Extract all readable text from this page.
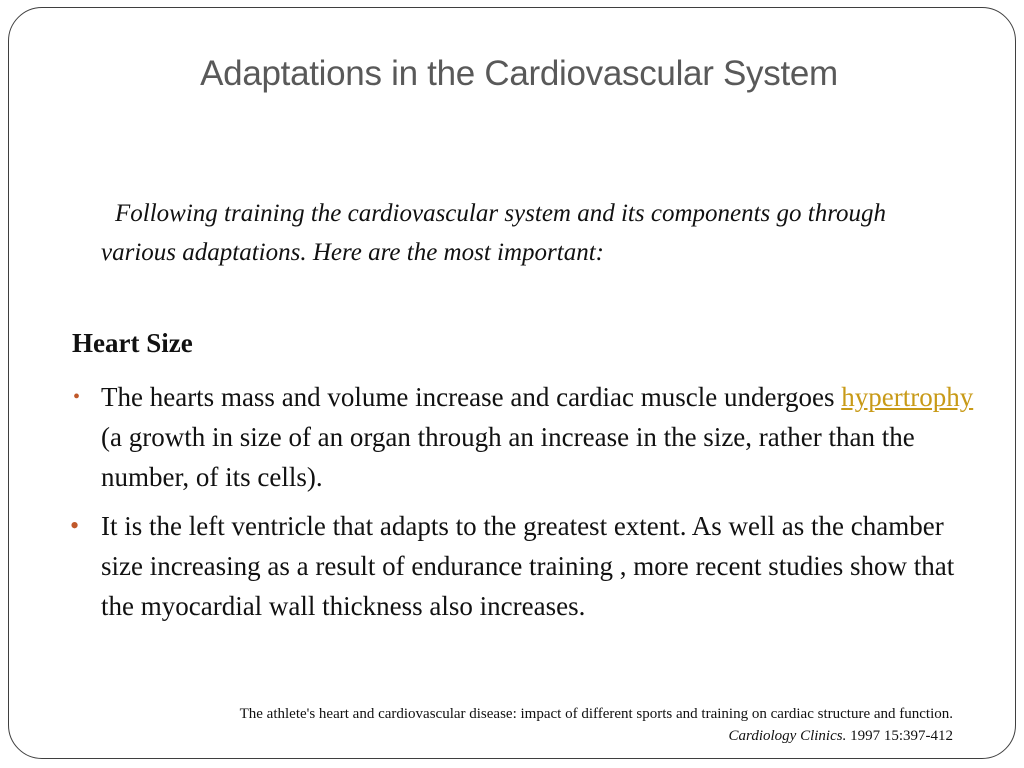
Adaptations in the Cardiovascular System
Following training the cardiovascular system and its components go through various adaptations. Here are the most important:
Heart Size
• The hearts mass and volume increase and cardiac muscle undergoes hypertrophy (a growth in size of an organ through an increase in the size, rather than the number, of its cells).
• It is the left ventricle that adapts to the greatest extent. As well as the chamber size increasing as a result of endurance training , more recent studies show that the myocardial wall thickness also increases.
The athlete's heart and cardiovascular disease: impact of different sports and training on cardiac structure and function.
Cardiology Clinics. 1997 15:397-412
